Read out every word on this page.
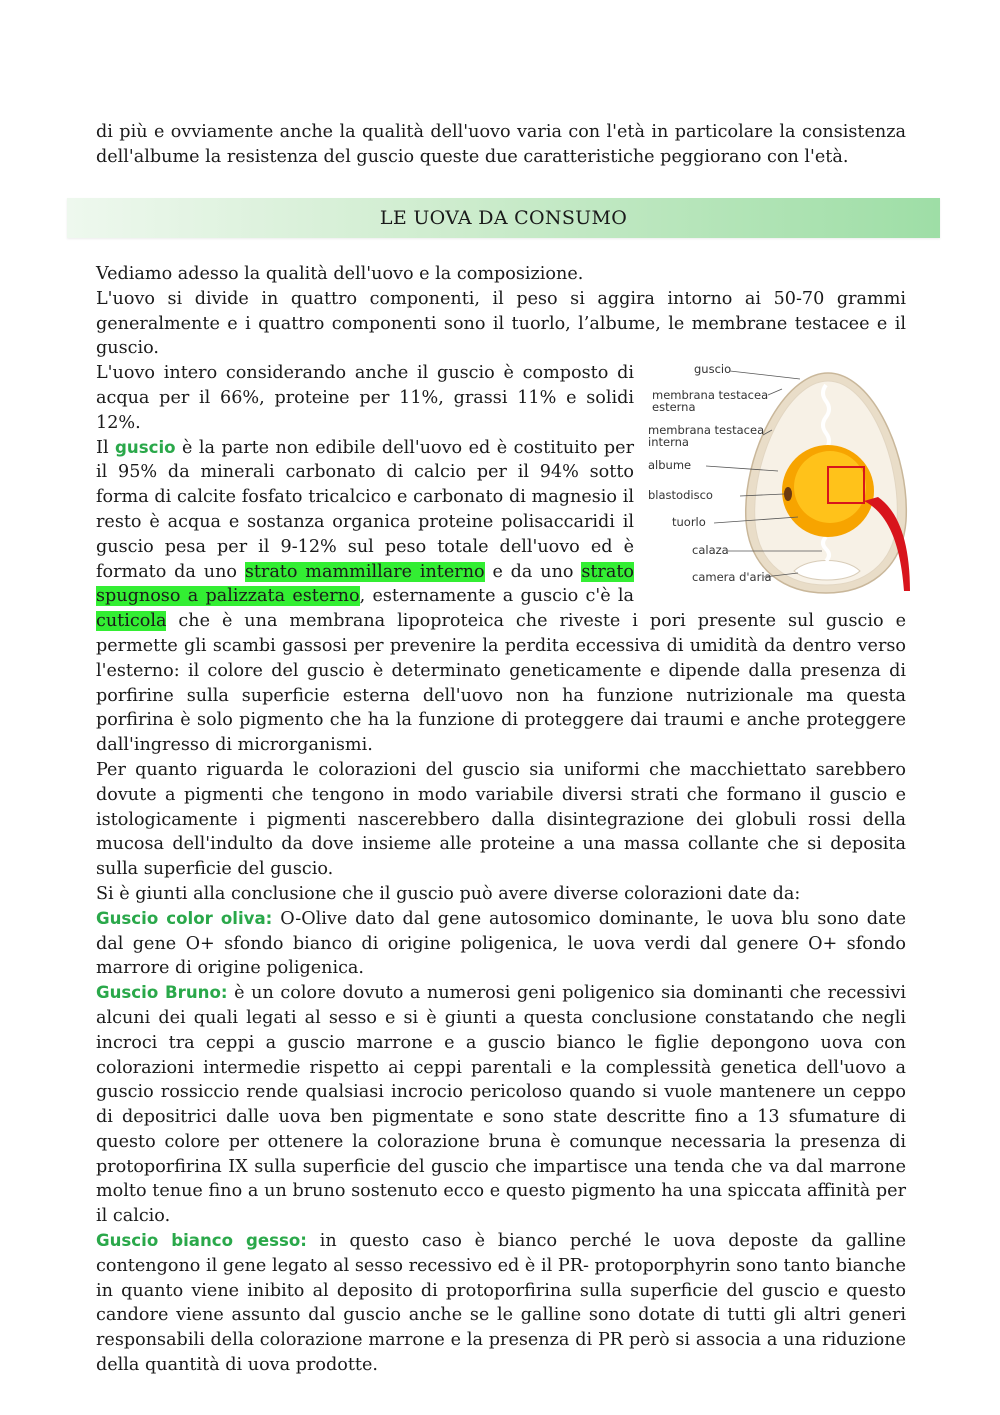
di più e ovviamente anche la qualità dell'uovo varia con l'età in particolare la consistenza dell'albume la resistenza del guscio queste due caratteristiche peggiorano con l'età.

LE UOVA DA CONSUMO
Vediamo adesso la qualità dell'uovo e la composizione.
L'uovo si divide in quattro componenti, il peso si aggira intorno ai 50-70 grammi generalmente e i quattro componenti sono il tuorlo, l’albume, le membrane testacee e il guscio.
guscio
membrana testacea
esterna
membrana testacea
interna
albume
blastodisco
tuorlo
calaza
camera d'aria
L'uovo intero considerando anche il guscio è composto di acqua per il 66%, proteine per 11%, grassi 11% e solidi 12%.
Il guscio è la parte non edibile dell'uovo ed è costituito per il 95% da minerali carbonato di calcio per il 94% sotto forma di calcite fosfato tricalcico e carbonato di magnesio il resto è acqua e sostanza organica proteine polisaccaridi il guscio pesa per il 9-12% sul peso totale dell'uovo ed è formato da uno strato mammillare interno e da uno strato spugnoso a palizzata esterno, esternamente a guscio c'è la cuticola che è una membrana lipoproteica che riveste i pori presente sul guscio e permette gli scambi gassosi per prevenire la perdita eccessiva di umidità da dentro verso l'esterno: il colore del guscio è determinato geneticamente e dipende dalla presenza di porfirine sulla superficie esterna dell'uovo non ha funzione nutrizionale ma questa porfirina è solo pigmento che ha la funzione di proteggere dai traumi e anche proteggere dall'ingresso di microrganismi.
Per quanto riguarda le colorazioni del guscio sia uniformi che macchiettato sarebbero dovute a pigmenti che tengono in modo variabile diversi strati che formano il guscio e istologicamente i pigmenti nascerebbero dalla disintegrazione dei globuli rossi della mucosa dell'indulto da dove insieme alle proteine a una massa collante che si deposita sulla superficie del guscio.
Si è giunti alla conclusione che il guscio può avere diverse colorazioni date da:
Guscio color oliva: O-Olive dato dal gene autosomico dominante, le uova blu sono date dal gene O+ sfondo bianco di origine poligenica, le uova verdi dal genere O+ sfondo marrore di origine poligenica.
Guscio Bruno: è un colore dovuto a numerosi geni poligenico sia dominanti che recessivi alcuni dei quali legati al sesso e si è giunti a questa conclusione constatando che negli incroci tra ceppi a guscio marrone e a guscio bianco le figlie depongono uova con colorazioni intermedie rispetto ai ceppi parentali e la complessità genetica dell'uovo a guscio rossiccio rende qualsiasi incrocio pericoloso quando si vuole mantenere un ceppo di depositrici dalle uova ben pigmentate e sono state descritte fino a 13 sfumature di questo colore per ottenere la colorazione bruna è comunque necessaria la presenza di protoporfirina IX sulla superficie del guscio che impartisce una tenda che va dal marrone molto tenue fino a un bruno sostenuto ecco e questo pigmento ha una spiccata affinità per il calcio.
Guscio bianco gesso: in questo caso è bianco perché le uova deposte da galline contengono il gene legato al sesso recessivo ed è il PR- protoporphyrin sono tanto bianche in quanto viene inibito al deposito di protoporfirina sulla superficie del guscio e questo candore viene assunto dal guscio anche se le galline sono dotate di tutti gli altri generi responsabili della colorazione marrone e la presenza di PR però si associa a una riduzione della quantità di uova prodotte.
